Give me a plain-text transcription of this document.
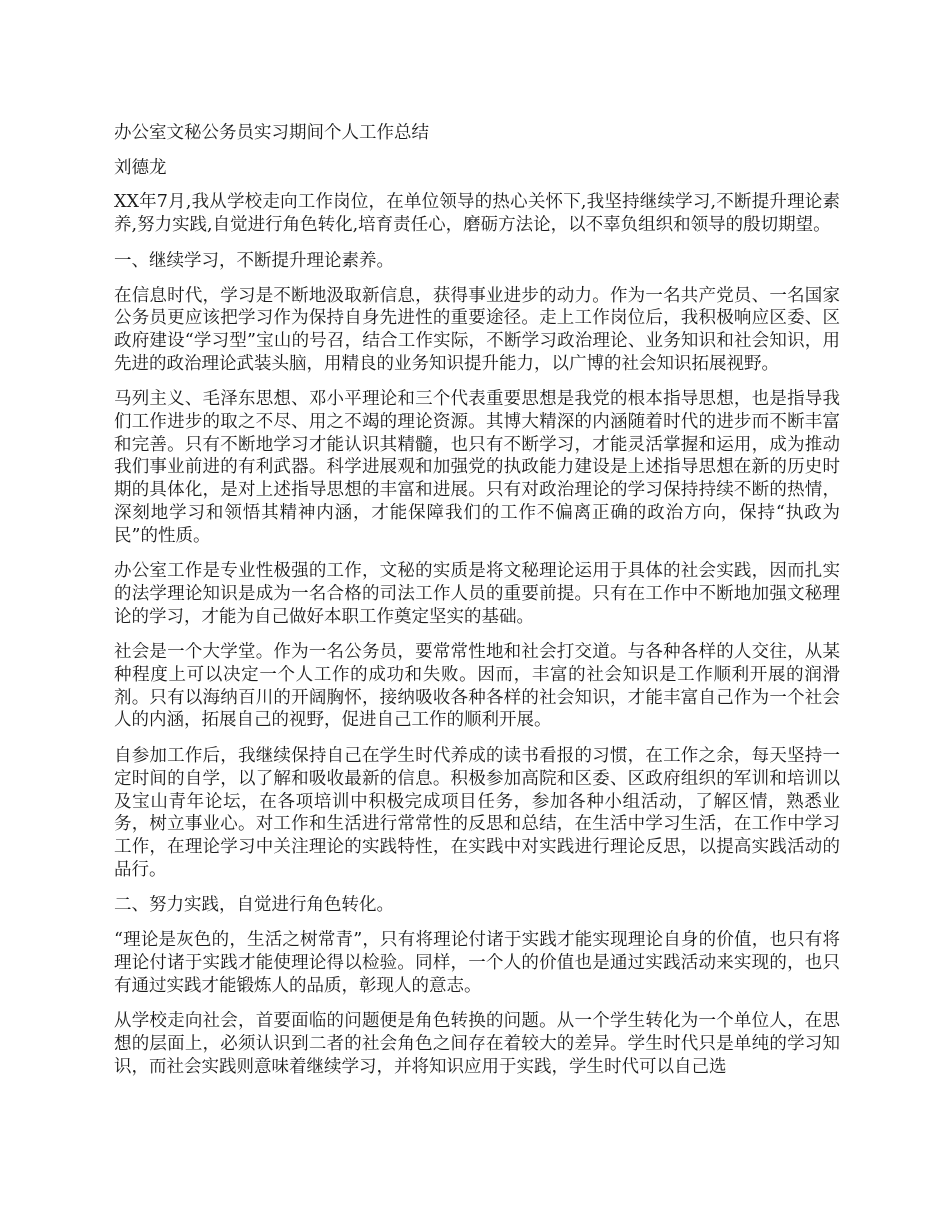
办公室文秘公务员实习期间个人工作总结

刘德龙

XX年7月,我从学校走向工作岗位，在单位领导的热心关怀下,我坚持继续学习,不断提升理论素养,努力实践,自觉进行角色转化,培育责任心，磨砺方法论，以不辜负组织和领导的殷切期望。

一、继续学习，不断提升理论素养。

在信息时代，学习是不断地汲取新信息，获得事业进步的动力。作为一名共产党员、一名国家公务员更应该把学习作为保持自身先进性的重要途径。走上工作岗位后，我积极响应区委、区政府建设“学习型”宝山的号召，结合工作实际，不断学习政治理论、业务知识和社会知识，用先进的政治理论武装头脑，用精良的业务知识提升能力，以广博的社会知识拓展视野。

马列主义、毛泽东思想、邓小平理论和三个代表重要思想是我党的根本指导思想，也是指导我们工作进步的取之不尽、用之不竭的理论资源。其博大精深的内涵随着时代的进步而不断丰富和完善。只有不断地学习才能认识其精髓，也只有不断学习，才能灵活掌握和运用，成为推动我们事业前进的有利武器。科学进展观和加强党的执政能力建设是上述指导思想在新的历史时期的具体化，是对上述指导思想的丰富和进展。只有对政治理论的学习保持持续不断的热情，深刻地学习和领悟其精神内涵，才能保障我们的工作不偏离正确的政治方向，保持“执政为民”的性质。

办公室工作是专业性极强的工作，文秘的实质是将文秘理论运用于具体的社会实践，因而扎实的法学理论知识是成为一名合格的司法工作人员的重要前提。只有在工作中不断地加强文秘理论的学习，才能为自己做好本职工作奠定坚实的基础。

社会是一个大学堂。作为一名公务员，要常常性地和社会打交道。与各种各样的人交往，从某种程度上可以决定一个人工作的成功和失败。因而，丰富的社会知识是工作顺利开展的润滑剂。只有以海纳百川的开阔胸怀，接纳吸收各种各样的社会知识，才能丰富自己作为一个社会人的内涵，拓展自己的视野，促进自己工作的顺利开展。

自参加工作后，我继续保持自己在学生时代养成的读书看报的习惯，在工作之余，每天坚持一定时间的自学，以了解和吸收最新的信息。积极参加高院和区委、区政府组织的军训和培训以及宝山青年论坛，在各项培训中积极完成项目任务，参加各种小组活动，了解区情，熟悉业务，树立事业心。对工作和生活进行常常性的反思和总结，在生活中学习生活，在工作中学习工作，在理论学习中关注理论的实践特性，在实践中对实践进行理论反思，以提高实践活动的品行。

二、努力实践，自觉进行角色转化。

“理论是灰色的，生活之树常青”，只有将理论付诸于实践才能实现理论自身的价值，也只有将理论付诸于实践才能使理论得以检验。同样，一个人的价值也是通过实践活动来实现的，也只有通过实践才能锻炼人的品质，彰现人的意志。

从学校走向社会，首要面临的问题便是角色转换的问题。从一个学生转化为一个单位人，在思想的层面上，必须认识到二者的社会角色之间存在着较大的差异。学生时代只是单纯的学习知识，而社会实践则意味着继续学习，并将知识应用于实践，学生时代可以自己选
